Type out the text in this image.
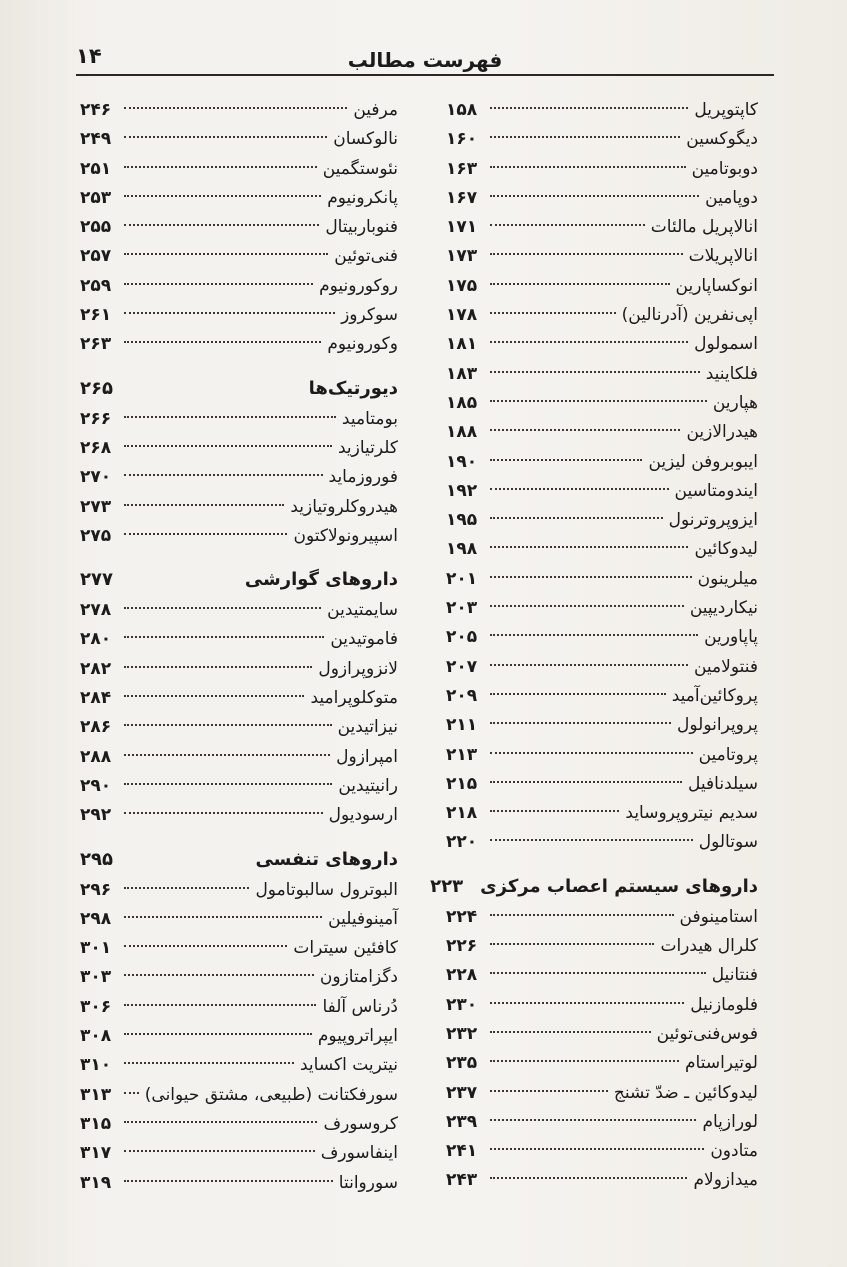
۱۴	فهرست مطالب
کاپتوپریل
۱۵۸
دیگوکسین
۱۶۰
دوبوتامین
۱۶۳
دوپامین
۱۶۷
انالاپریل مالئات
۱۷۱
انالاپریلات
۱۷۳
انوکساپارین
۱۷۵
اپی‌نفرین (آدرنالین)
۱۷۸
اسمولول
۱۸۱
فلکاینید
۱۸۳
هپارین
۱۸۵
هیدرالازین
۱۸۸
ایبوبروفن لیزین
۱۹۰
ایندومتاسین
۱۹۲
ایزوپروترنول
۱۹۵
لیدوکائین
۱۹۸
میلرینون
۲۰۱
نیکاردیپین
۲۰۳
پاپاورین
۲۰۵
فنتولامین
۲۰۷
پروکائین‌آمید
۲۰۹
پروپرانولول
۲۱۱
پروتامین
۲۱۳
سیلدنافیل
۲۱۵
سدیم نیتروپروساید
۲۱۸
سوتالول
۲۲۰
داروهای سیستم اعصاب مرکزی
۲۲۳
استامینوفن
۲۲۴
کلرال هیدرات
۲۲۶
فنتانیل
۲۲۸
فلومازنیل
۲۳۰
فوس‌فنی‌توئین
۲۳۲
لوتیراستام
۲۳۵
لیدوکائین ـ ضدّ تشنج
۲۳۷
لورازپام
۲۳۹
متادون
۲۴۱
میدازولام
۲۴۳
مرفین
۲۴۶
نالوکسان
۲۴۹
نئوستگمین
۲۵۱
پانکرونیوم
۲۵۳
فنوباربیتال
۲۵۵
فنی‌توئین
۲۵۷
روکورونیوم
۲۵۹
سوکروز
۲۶۱
وکورونیوم
۲۶۳
دیورتیک‌ها
۲۶۵
بومتامید
۲۶۶
کلرتیازید
۲۶۸
فوروزماید
۲۷۰
هیدروکلروتیازید
۲۷۳
اسپیرونولاکتون
۲۷۵
داروهای گوارشی
۲۷۷
سایمتیدین
۲۷۸
فاموتیدین
۲۸۰
لانزوپرازول
۲۸۲
متوکلوپرامید
۲۸۴
نیزاتیدین
۲۸۶
امپرازول
۲۸۸
رانیتیدین
۲۹۰
ارسودیول
۲۹۲
داروهای تنفسی
۲۹۵
البوترول سالبوتامول
۲۹۶
آمینوفیلین
۲۹۸
کافئین سیترات
۳۰۱
دگزامتازون
۳۰۳
دُرناس آلفا
۳۰۶
ایپراتروپیوم
۳۰۸
نیتریت اکساید
۳۱۰
سورفکتانت (طبیعی، مشتق حیوانی)
۳۱۳
کروسورف
۳۱۵
اینفاسورف
۳۱۷
سوروانتا
۳۱۹
